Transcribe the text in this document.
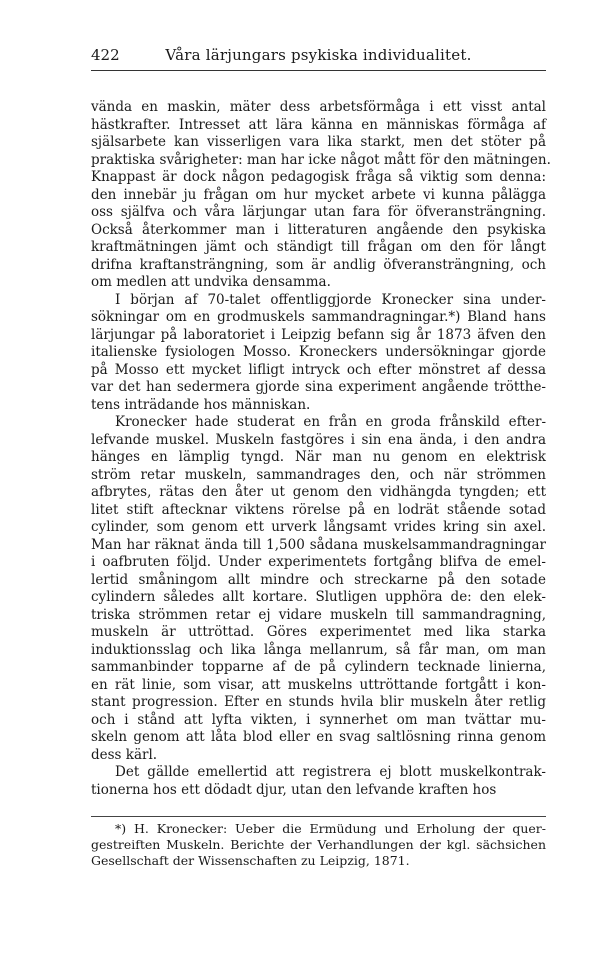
422	Våra lärjungars psykiska individualitet.
vända en maskin, mäter dess arbetsförmåga i ett visst antal
hästkrafter. Intresset att lära känna en människas förmåga af
själsarbete kan visserligen vara lika starkt, men det stöter på
praktiska svårigheter: man har icke något mått för den mätningen.
Knappast är dock någon pedagogisk fråga så viktig som denna:
den innebär ju frågan om hur mycket arbete vi kunna pålägga
oss själfva och våra lärjungar utan fara för öfveransträngning.
Också återkommer man i litteraturen angående den psykiska
kraftmätningen jämt och ständigt till frågan om den för långt
drifna kraftansträngning, som är andlig öfveransträngning, och
om medlen att undvika densamma.
I början af 70-talet offentliggjorde Kronecker sina under-
sökningar om en grodmuskels sammandragningar.*) Bland hans
lärjungar på laboratoriet i Leipzig befann sig år 1873 äfven den
italienske fysiologen Mosso. Kroneckers undersökningar gjorde
på Mosso ett mycket lifligt intryck och efter mönstret af dessa
var det han sedermera gjorde sina experiment angående trötthe-
tens inträdande hos människan.
Kronecker hade studerat en från en groda frånskild efter-
lefvande muskel. Muskeln fastgöres i sin ena ända, i den andra
hänges en lämplig tyngd. När man nu genom en elektrisk
ström retar muskeln, sammandrages den, och när strömmen
afbrytes, rätas den åter ut genom den vidhängda tyngden; ett
litet stift aftecknar viktens rörelse på en lodrät stående sotad
cylinder, som genom ett urverk långsamt vrides kring sin axel.
Man har räknat ända till 1,500 sådana muskelsammandragningar
i oafbruten följd. Under experimentets fortgång blifva de emel-
lertid småningom allt mindre och streckarne på den sotade
cylindern således allt kortare. Slutligen upphöra de: den elek-
triska strömmen retar ej vidare muskeln till sammandragning,
muskeln är uttröttad. Göres experimentet med lika starka
induktionsslag och lika långa mellanrum, så får man, om man
sammanbinder topparne af de på cylindern tecknade linierna,
en rät linie, som visar, att muskelns uttröttande fortgått i kon-
stant progression. Efter en stunds hvila blir muskeln åter retlig
och i stånd att lyfta vikten, i synnerhet om man tvättar mu-
skeln genom att låta blod eller en svag saltlösning rinna genom
dess kärl.
Det gällde emellertid att registrera ej blott muskelkontrak-
tionerna hos ett dödadt djur, utan den lefvande kraften hos
*) H. Kronecker: Ueber die Ermüdung und Erholung der quer-
gestreiften Muskeln. Berichte der Verhandlungen der kgl. sächsichen
Gesellschaft der Wissenschaften zu Leipzig, 1871.
